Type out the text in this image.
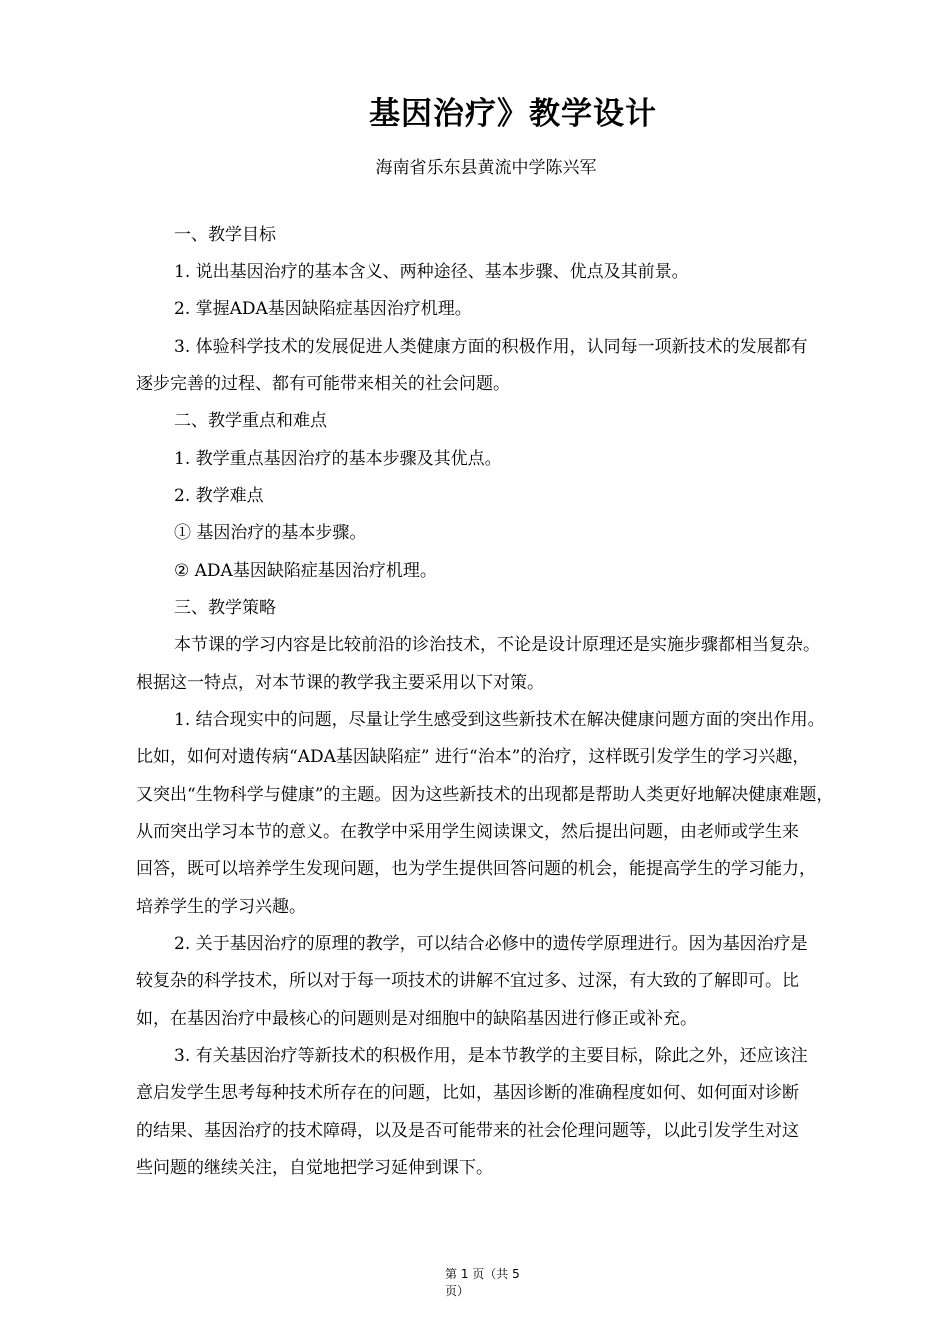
基因治疗》教学设计
海南省乐东县黄流中学陈兴军
一、教学目标
1. 说出基因治疗的基本含义、两种途径、基本步骤、优点及其前景。
2. 掌握ADA基因缺陷症基因治疗机理。
3. 体验科学技术的发展促进人类健康方面的积极作用，认同每一项新技术的发展都有
逐步完善的过程、都有可能带来相关的社会问题。
二、教学重点和难点
1. 教学重点基因治疗的基本步骤及其优点。
2. 教学难点
① 基因治疗的基本步骤。
② ADA基因缺陷症基因治疗机理。
三、教学策略
本节课的学习内容是比较前沿的诊治技术，不论是设计原理还是实施步骤都相当复杂。
根据这一特点，对本节课的教学我主要采用以下对策。
1. 结合现实中的问题，尽量让学生感受到这些新技术在解决健康问题方面的突出作用。
比如，如何对遗传病“ADA基因缺陷症” 进行“治本”的治疗，这样既引发学生的学习兴趣，
又突出“生物科学与健康”的主题。因为这些新技术的出现都是帮助人类更好地解决健康难题，
从而突出学习本节的意义。在教学中采用学生阅读课文，然后提出问题，由老师或学生来
回答，既可以培养学生发现问题，也为学生提供回答问题的机会，能提高学生的学习能力，
培养学生的学习兴趣。
2. 关于基因治疗的原理的教学，可以结合必修中的遗传学原理进行。因为基因治疗是
较复杂的科学技术，所以对于每一项技术的讲解不宜过多、过深，有大致的了解即可。比
如，在基因治疗中最核心的问题则是对细胞中的缺陷基因进行修正或补充。
3. 有关基因治疗等新技术的积极作用，是本节教学的主要目标，除此之外，还应该注
意启发学生思考每种技术所存在的问题，比如，基因诊断的准确程度如何、如何面对诊断
的结果、基因治疗的技术障碍，以及是否可能带来的社会伦理问题等，以此引发学生对这
些问题的继续关注，自觉地把学习延伸到课下。
第 1 页（共 5
页）
